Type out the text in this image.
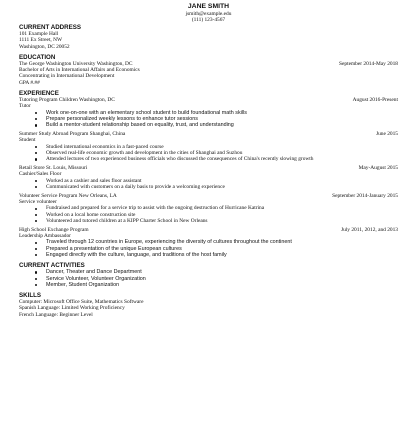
JANE SMITH
jsmith@example.edu
(111) 123-4567
CURRENT ADDRESS
101 Example Hall
1111 Ex Street, NW
Washington, DC 20052
EDUCATION
The George Washington University Washington, DC	September 2014-May 2018
Bachelor of Arts in International Affairs and Economics
Concentrating in International Development
GPA #.##
EXPERIENCE
Tutoring Program Children Washington, DC	August 2016-Present
Tutor
Work one-on-one with an elementary school student to build foundational math skills
Prepare personalized weekly lessons to enhance tutor sessions
Build a mentor-student relationship based on equality, trust, and understanding
Summer Study Abroad Program Shanghai, China	June 2015
Student
Studied international economics in a fast-paced course
Observed real-life economic growth and development in the cities of Shanghai and Suzhou
Attended lectures of two experienced business officials who discussed the consequences of China's recently slowing growth
Retail Store St. Louis, Missouri	May-August 2015
Cashier/Sales Floor
Worked as a cashier and sales floor assistant
Communicated with customers on a daily basis to provide a welcoming experience
Volunteer Service Program New Orleans, LA	September 2014-January 2015
Service volunteer
Fundraised and prepared for a service trip to assist with the ongoing destruction of Hurricane Katrina
Worked on a local home construction site
Volunteered and tutored children at a KIPP Charter School in New Orleans
High School Exchange Program	July 2011, 2012, and 2013
Leadership Ambassador
Traveled through 12 countries in Europe, experiencing the diversity of cultures throughout the continent
Prepared a presentation of the unique European cultures
Engaged directly with the culture, language, and traditions of the host family
CURRENT ACTIVITIES
Dancer, Theater and Dance Department
Service Volunteer, Volunteer Organization
Member, Student Organization
SKILLS
Computer: Microsoft Office Suite, Mathematics Software
Spanish Language: Limited Working Proficiency
French Language: Beginner Level
